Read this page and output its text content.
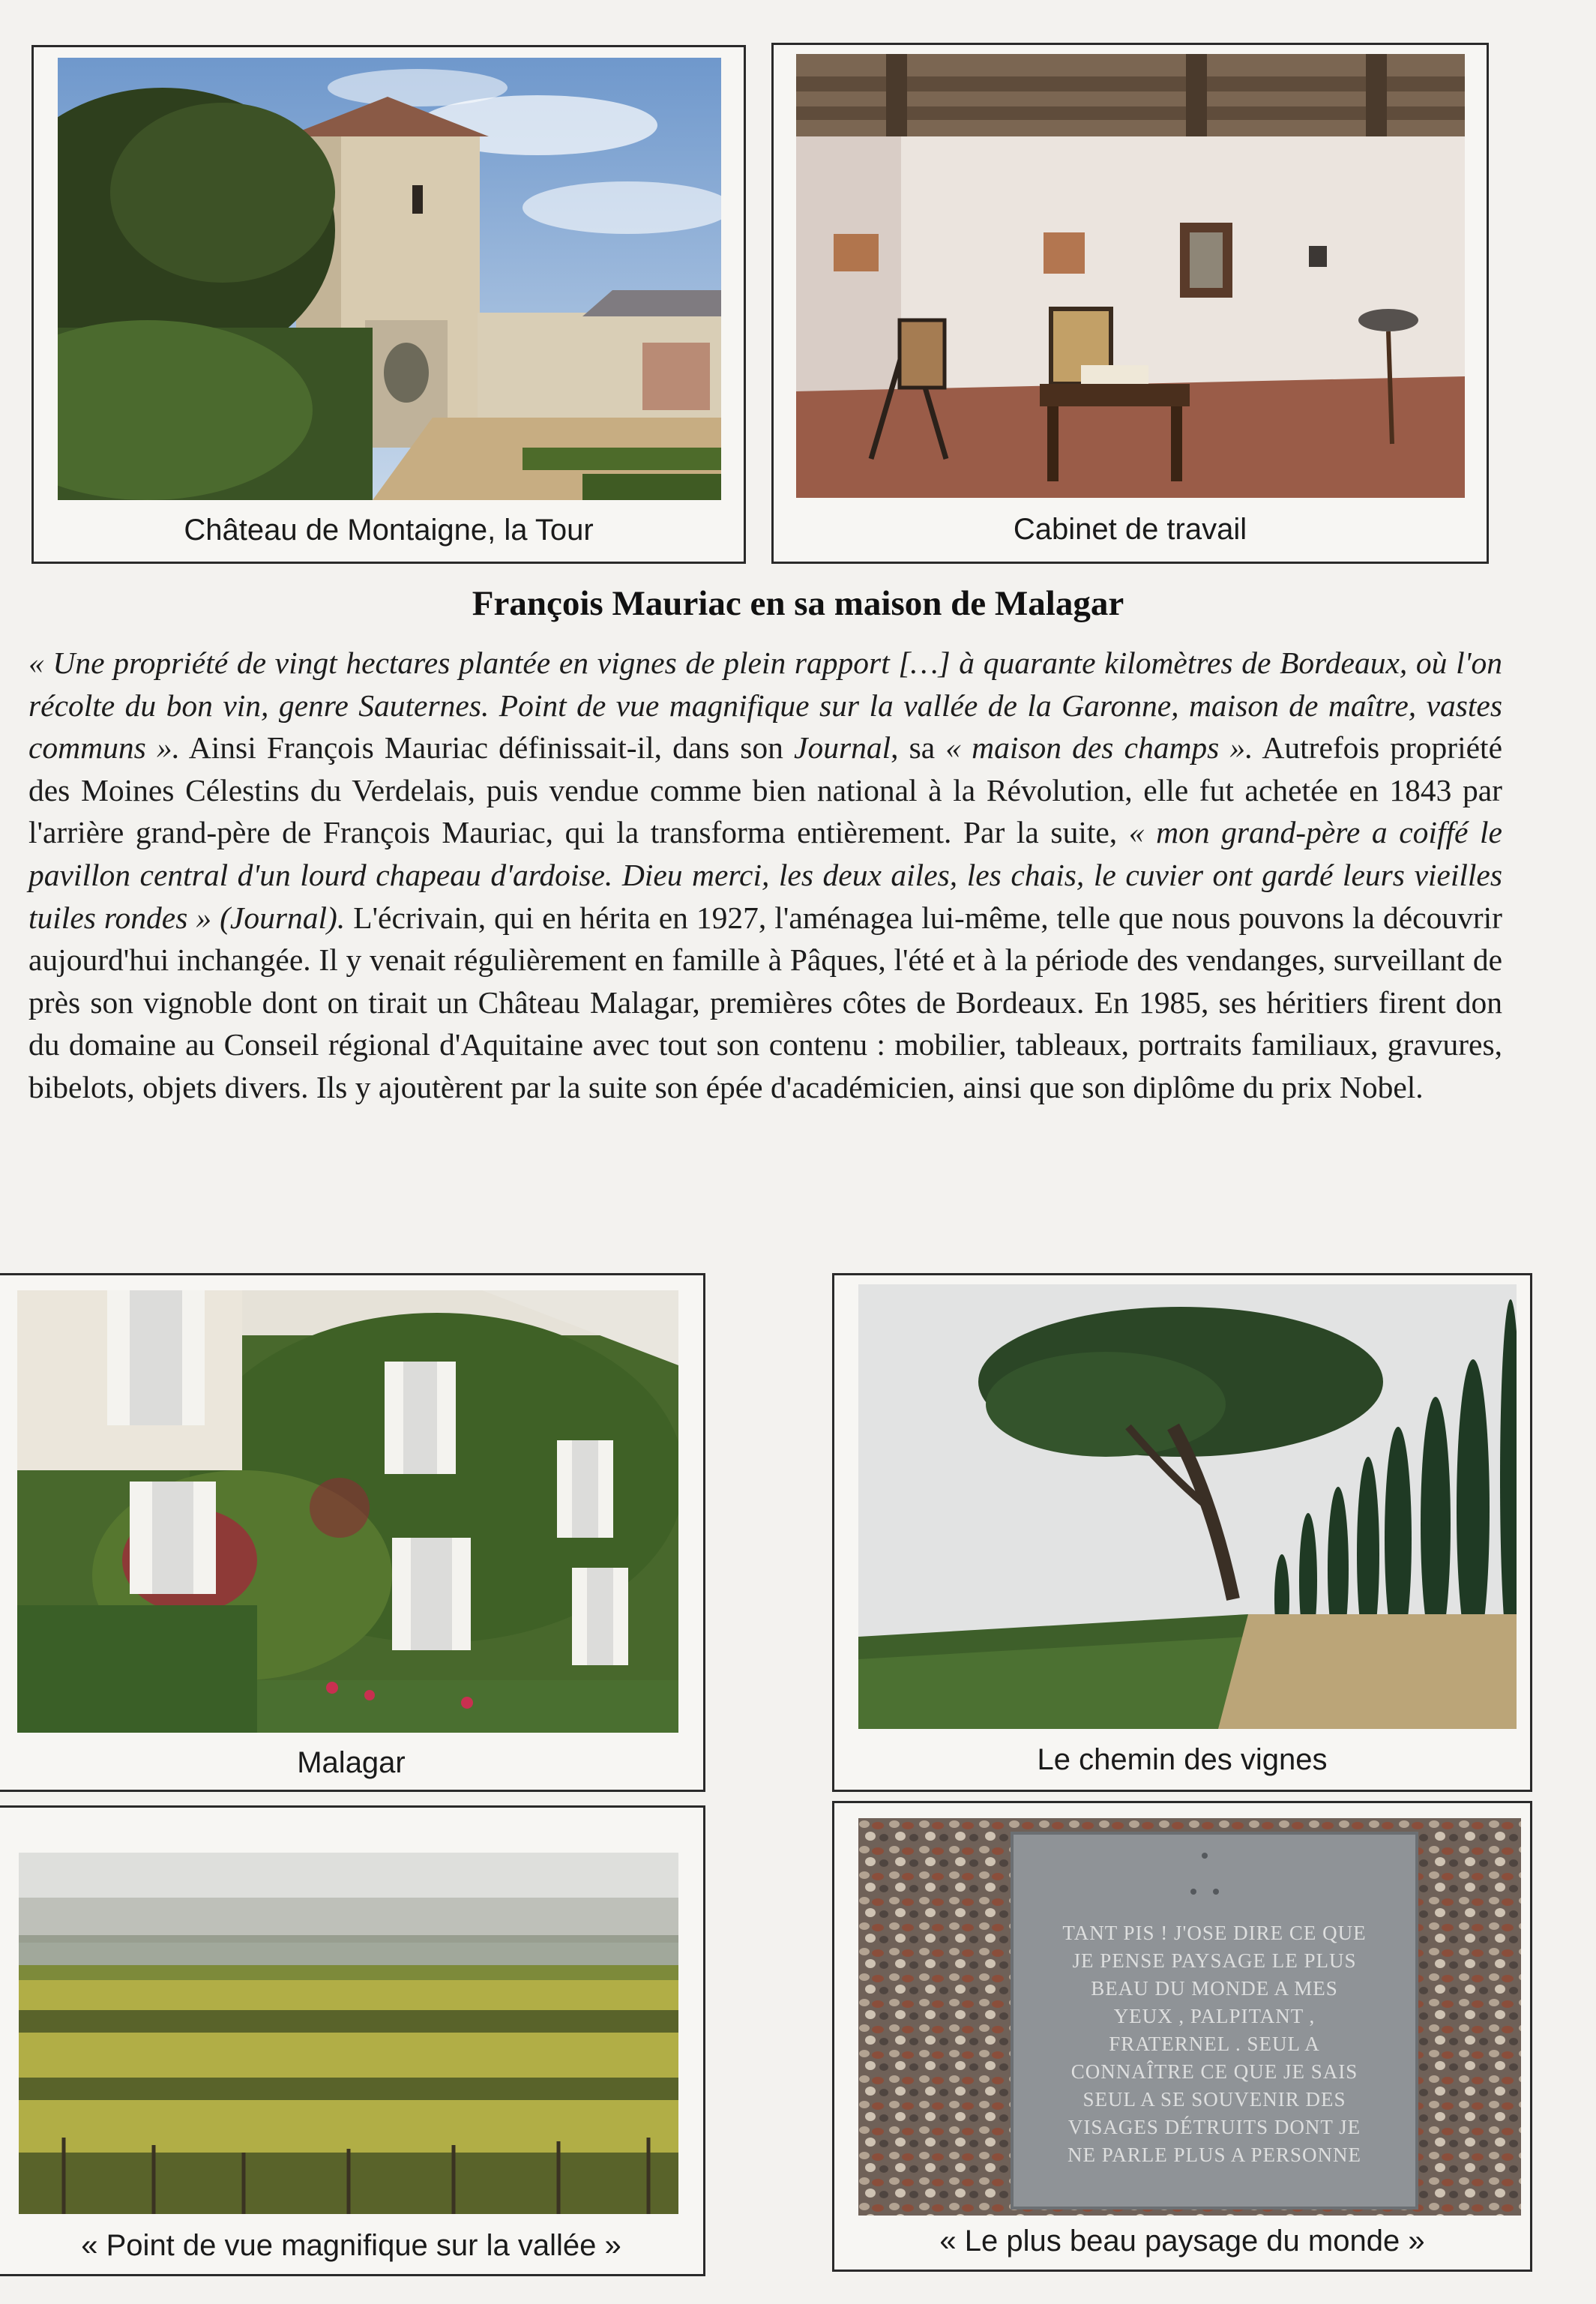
Château de Montaigne, la Tour	Cabinet de travail
François Mauriac en sa maison de Malagar
« Une propriété de vingt hectares plantée en vignes de plein rapport […] à quarante kilomètres de Bordeaux, où l'on récolte du bon vin, genre Sauternes. Point de vue magnifique sur la vallée de la Garonne, maison de maître, vastes communs ». Ainsi François Mauriac définissait-il, dans son Journal, sa « maison des champs ». Autrefois propriété des Moines Célestins du Verdelais, puis vendue comme bien national à la Révolution, elle fut achetée en 1843 par l'arrière grand-père de François Mauriac, qui la transforma entièrement. Par la suite, « mon grand-père a coiffé le pavillon central d'un lourd chapeau d'ardoise. Dieu merci, les deux ailes, les chais, le cuvier ont gardé leurs vieilles tuiles rondes » (Journal). L'écrivain, qui en hérita en 1927, l'aménagea lui-même, telle que nous pouvons la découvrir aujourd'hui inchangée. Il y venait régulièrement en famille à Pâques, l'été et à la période des vendanges, surveillant de près son vignoble dont on tirait un Château Malagar, premières côtes de Bordeaux. En 1985, ses héritiers firent don du domaine au Conseil régional d'Aquitaine avec tout son contenu : mobilier, tableaux, portraits familiaux, gravures, bibelots, objets divers. Ils y ajoutèrent par la suite son épée d'académicien, ainsi que son diplôme du prix Nobel.
Malagar	Le chemin des vignes
« Point de vue magnifique sur la vallée »
TANT PIS ! J'OSE DIRE CE QUE
JE PENSE PAYSAGE LE PLUS
BEAU DU MONDE A MES
YEUX , PALPITANT ,
FRATERNEL . SEUL A
CONNAÎTRE CE QUE JE SAIS
SEUL A SE SOUVENIR DES
VISAGES DÉTRUITS DONT JE
NE PARLE PLUS A PERSONNE
« Le plus beau paysage du monde »
